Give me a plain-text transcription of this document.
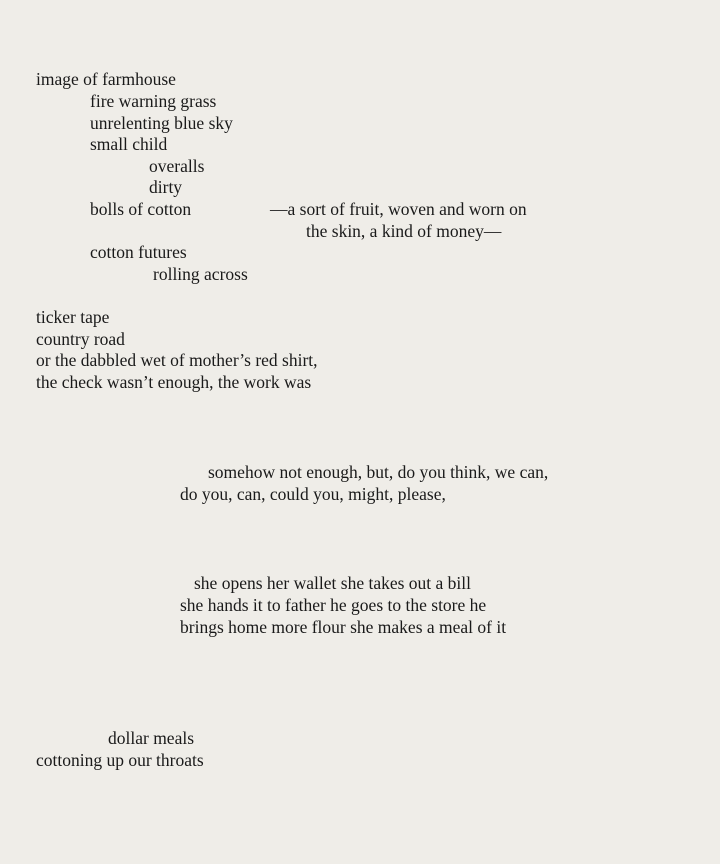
image of farmhouse
fire warning grass
unrelenting blue sky
small child
overalls
dirty
bolls of cotton	—a sort of fruit, woven and worn on
the skin, a kind of money—
cotton futures
rolling across
ticker tape
country road
or the dabbled wet of mother’s red shirt,
the check wasn’t enough, the work was
somehow not enough, but, do you think, we can,
do you, can, could you, might, please,
she opens her wallet she takes out a bill
she hands it to father he goes to the store he
brings home more flour she makes a meal of it
dollar meals
cottoning up our throats
